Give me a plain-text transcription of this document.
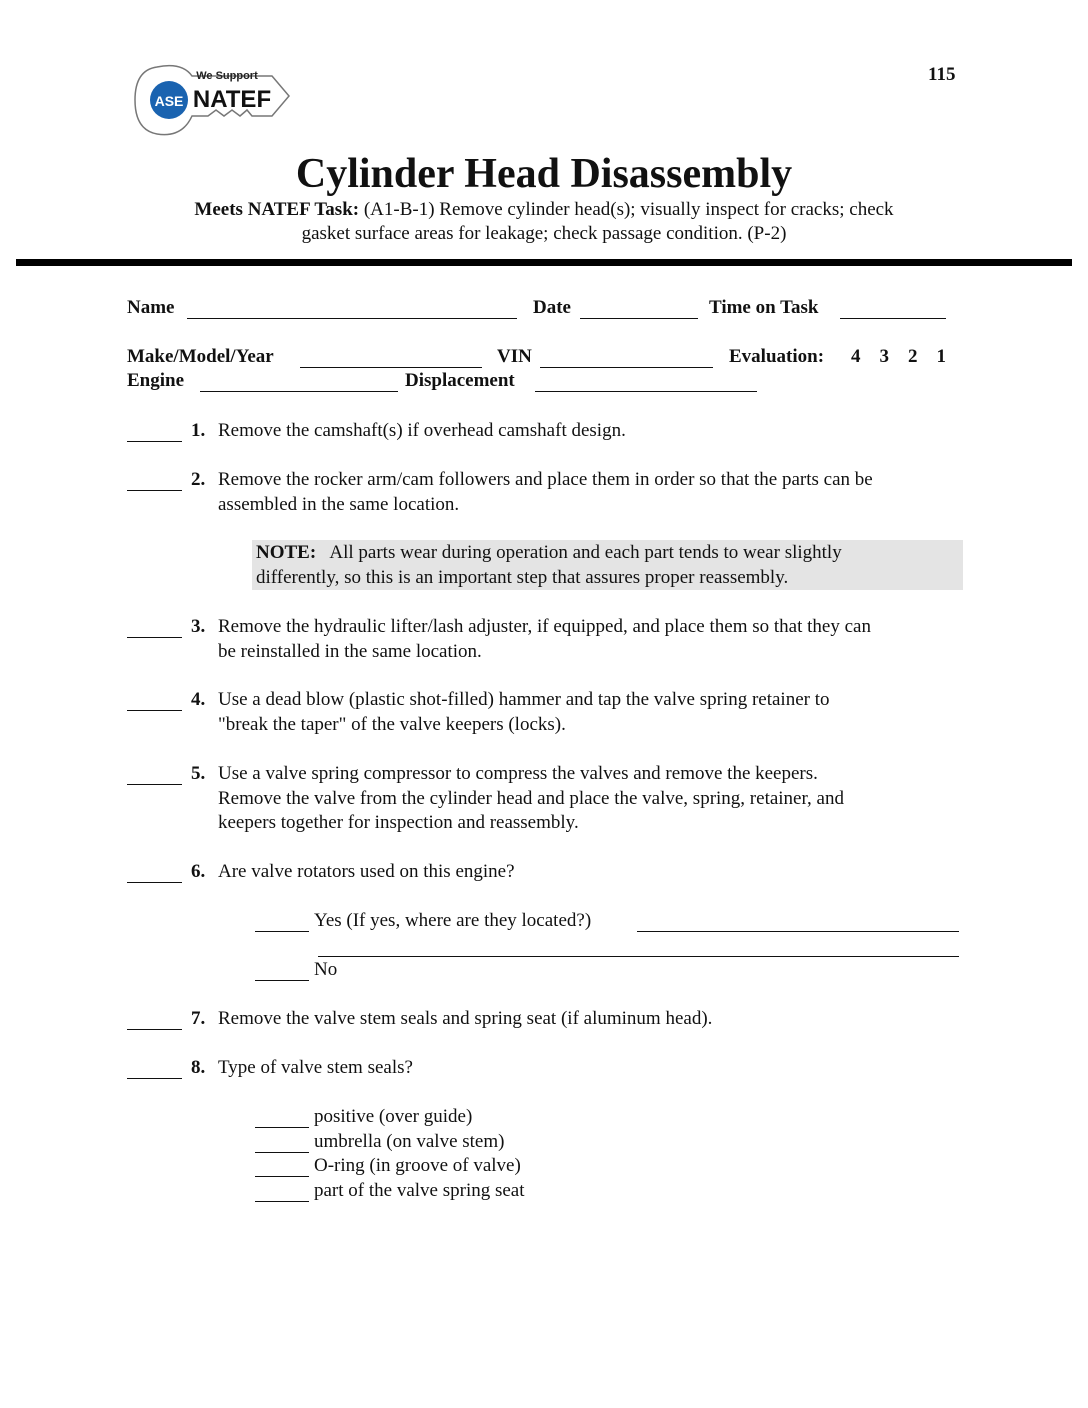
115
ASE
We Support
NATEF
Cylinder Head Disassembly
Meets NATEF Task: (A1-B-1) Remove cylinder head(s); visually inspect for cracks; check
gasket surface areas for leakage; check passage condition. (P-2)
Name	Date	Time on Task
Make/Model/Year	VIN	Evaluation: 4 3 2 1
Engine	Displacement
1. Remove the camshaft(s) if overhead camshaft design.
2. Remove the rocker arm/cam followers and place them in order so that the parts can be
assembled in the same location.
3. Remove the hydraulic lifter/lash adjuster, if equipped, and place them so that they can
be reinstalled in the same location.
4. Use a dead blow (plastic shot-filled) hammer and tap the valve spring retainer to
"break the taper" of the valve keepers (locks).
5. Use a valve spring compressor to compress the valves and remove the keepers.
Remove the valve from the cylinder head and place the valve, spring, retainer, and
keepers together for inspection and reassembly.
6. Are valve rotators used on this engine?
7. Remove the valve stem seals and spring seat (if aluminum head).
8. Type of valve stem seals?
NOTE: All parts wear during operation and each part tends to wear slightly
differently, so this is an important step that assures proper reassembly.
Yes (If yes, where are they located?)
No
positive (over guide)
umbrella (on valve stem)
O-ring (in groove of valve)
part of the valve spring seat
